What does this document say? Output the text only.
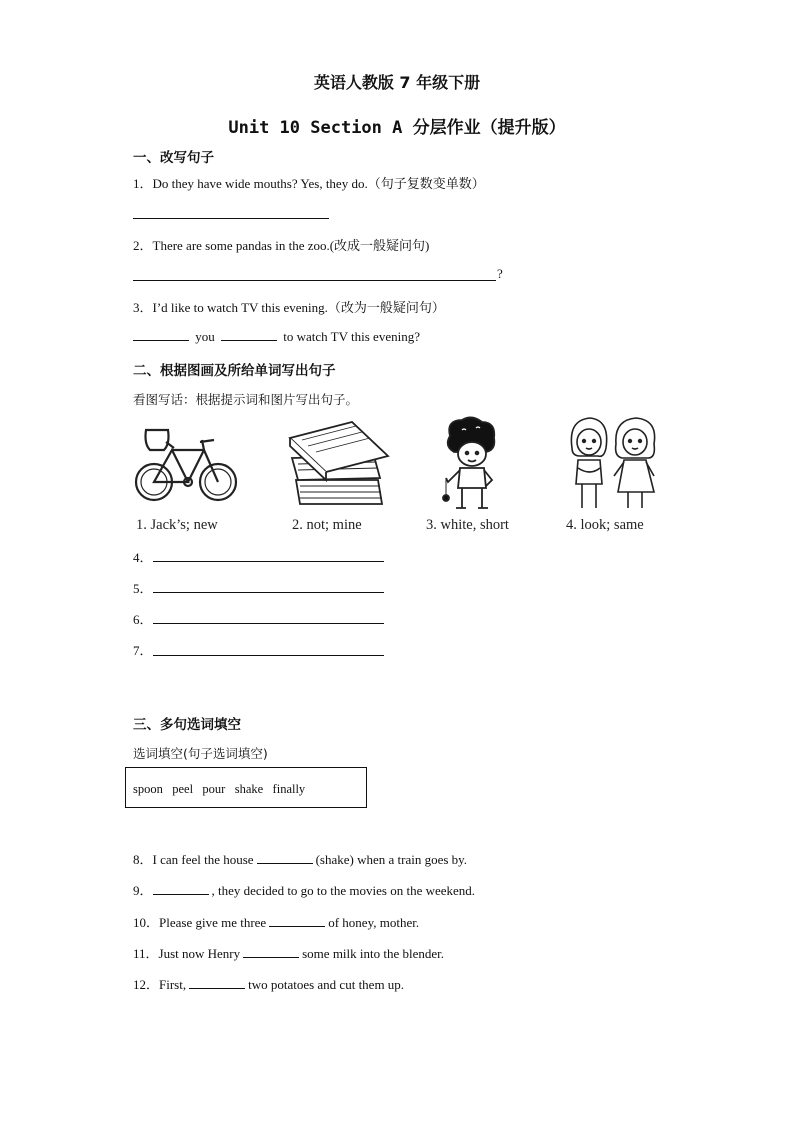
英语人教版 7 年级下册
Unit 10 Section A 分层作业（提升版）
一、改写句子
1．Do they have wide mouths? Yes, they do.（句子复数变单数）
2．There are some pandas in the zoo.(改成一般疑问句)
?
3．I’d like to watch TV this evening.（改为一般疑问句）
you	to watch TV this evening?
二、根据图画及所给单词写出句子
看图写话：根据提示词和图片写出句子。
1. Jack’s; new	2. not; mine	3. white, short	4. look; same
4．
5．
6．
7．
三、多句选词填空
选词填空(句子选词填空)
spoon   peel   pour   shake   finally
8．I can feel the house	(shake) when a train goes by.
9．	, they decided to go to the movies on the weekend.
10．Please give me three	of honey, mother.
11．Just now Henry	some milk into the blender.
12．First,	two potatoes and cut them up.
